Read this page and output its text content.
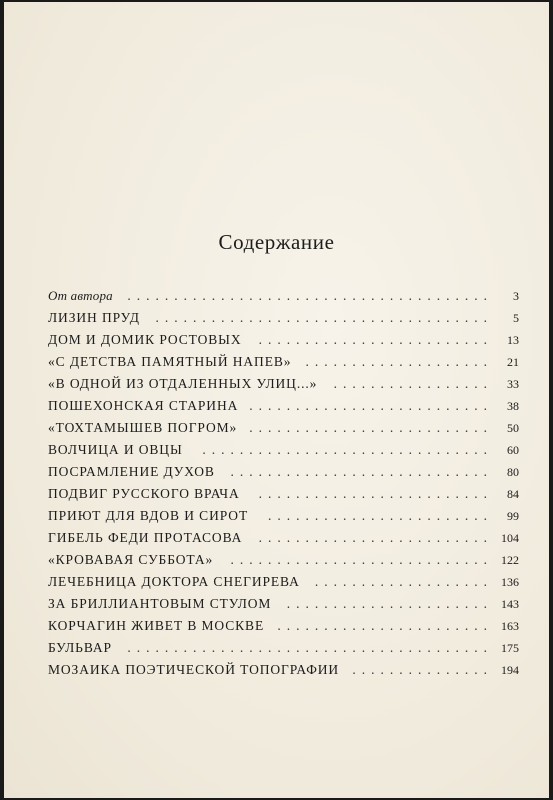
Содержание
От автора	.......................................	3
ЛИЗИН ПРУД	....................................	5
ДОМ И ДОМИК РОСТОВЫХ	.........................	13
«С ДЕТСТВА ПАМЯТНЫЙ НАПЕВ»	....................	21
«В ОДНОЙ ИЗ ОТДАЛЕННЫХ УЛИЦ...»	.................	33
ПОШЕХОНСКАЯ СТАРИНА ..........................	38
«ТОХТАМЫШЕВ ПОГРОМ» ..........................	50
ВОЛЧИЦА И ОВЦЫ	...............................	60
ПОСРАМЛЕНИЕ ДУХОВ	............................	80
ПОДВИГ РУССКОГО ВРАЧА	.........................	84
ПРИЮТ ДЛЯ ВДОВ И СИРОТ	........................	99
ГИБЕЛЬ ФЕДИ ПРОТАСОВА	......................... 104
«КРОВАВАЯ СУББОТА»	............................ 122
ЛЕЧЕБНИЦА ДОКТОРА СНЕГИРЕВА	................... 136
ЗА БРИЛЛИАНТОВЫМ СТУЛОМ	...................... 143
КОРЧАГИН ЖИВЕТ В МОСКВЕ ....................... 163
БУЛЬВАР	....................................... 175
МОЗАИКА ПОЭТИЧЕСКОЙ ТОПОГРАФИИ ............... 194
